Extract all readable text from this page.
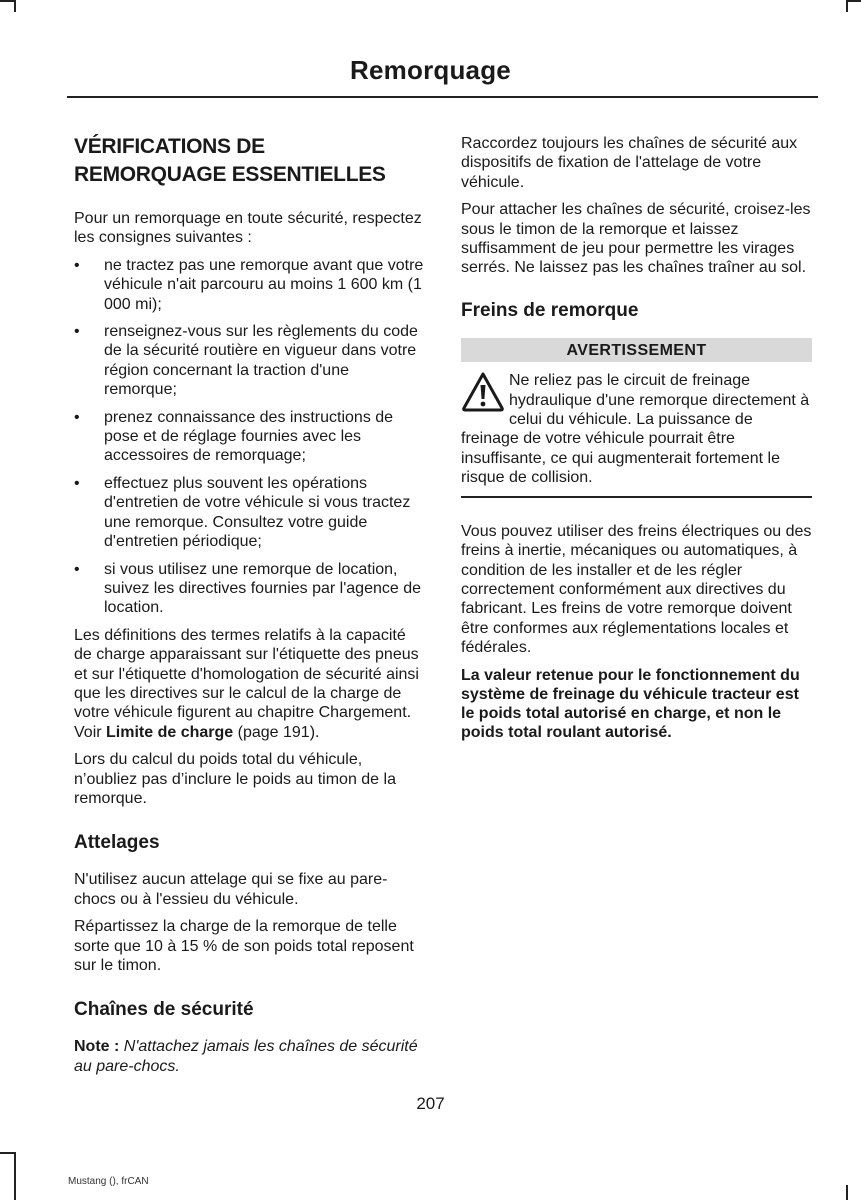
Remorquage
VÉRIFICATIONS DE
REMORQUAGE ESSENTIELLES

Pour un remorquage en toute sécurité, respectez les consignes suivantes :

• ne tractez pas une remorque avant que votre véhicule n'ait parcouru au moins 1 600 km (1 000 mi);
• renseignez-vous sur les règlements du code de la sécurité routière en vigueur dans votre région concernant la traction d'une remorque;
• prenez connaissance des instructions de pose et de réglage fournies avec les accessoires de remorquage;
• effectuez plus souvent les opérations d'entretien de votre véhicule si vous tractez une remorque. Consultez votre guide d'entretien périodique;
• si vous utilisez une remorque de location, suivez les directives fournies par l'agence de location.

Les définitions des termes relatifs à la capacité de charge apparaissant sur l'étiquette des pneus et sur l'étiquette d'homologation de sécurité ainsi que les directives sur le calcul de la charge de votre véhicule figurent au chapitre Chargement. Voir Limite de charge (page 191).

Lors du calcul du poids total du véhicule, n’oubliez pas d’inclure le poids au timon de la remorque.

Attelages

N'utilisez aucun attelage qui se fixe au pare-chocs ou à l'essieu du véhicule.

Répartissez la charge de la remorque de telle sorte que 10 à 15 % de son poids total reposent sur le timon.

Chaînes de sécurité

Note : N'attachez jamais les chaînes de sécurité au pare-chocs.

Raccordez toujours les chaînes de sécurité aux dispositifs de fixation de l'attelage de votre véhicule.

Pour attacher les chaînes de sécurité, croisez-les sous le timon de la remorque et laissez suffisamment de jeu pour permettre les virages serrés. Ne laissez pas les chaînes traîner au sol.

Freins de remorque
AVERTISSEMENT
Ne reliez pas le circuit de freinage hydraulique d'une remorque directement à celui du véhicule. La puissance de freinage de votre véhicule pourrait être insuffisante, ce qui augmenterait fortement le risque de collision.

Vous pouvez utiliser des freins électriques ou des freins à inertie, mécaniques ou automatiques, à condition de les installer et de les régler correctement conformément aux directives du fabricant. Les freins de votre remorque doivent être conformes aux réglementations locales et fédérales.

La valeur retenue pour le fonctionnement du système de freinage du véhicule tracteur est le poids total autorisé en charge, et non le poids total roulant autorisé.

207
Mustang (), frCAN
